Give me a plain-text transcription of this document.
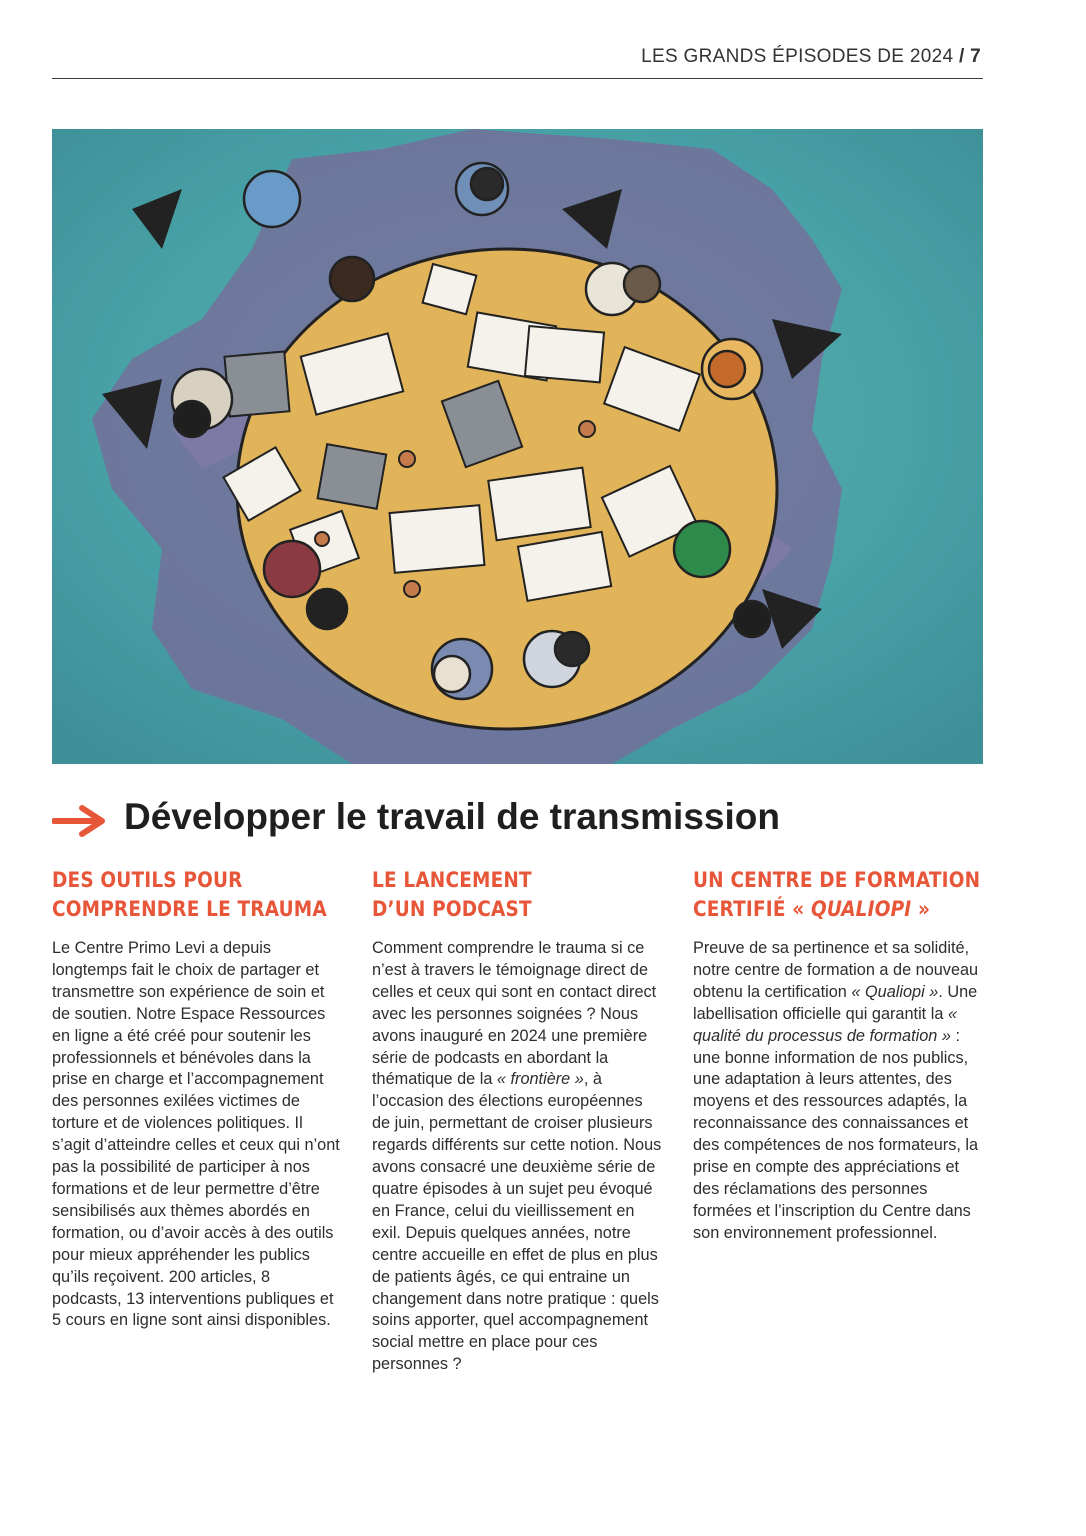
LES GRANDS ÉPISODES DE 2024 / 7
Développer le travail de transmission
DES OUTILS POUR
COMPRENDRE LE TRAUMA

Le Centre Primo Levi a depuis longtemps fait le choix de partager et transmettre son expérience de soin et de soutien. Notre Espace Ressources en ligne a été créé pour soutenir les professionnels et bénévoles dans la prise en charge et l’accompagnement des personnes exilées victimes de torture et de violences politiques. Il s’agit d’atteindre celles et ceux qui n’ont pas la possibilité de participer à nos formations et de leur permettre d’être sensibilisés aux thèmes abordés en formation, ou d’avoir accès à des outils pour mieux appréhender les publics qu’ils reçoivent. 200 articles, 8 podcasts, 13 interventions publiques et 5 cours en ligne sont ainsi disponibles.

LE LANCEMENT
D’UN PODCAST

Comment comprendre le trauma si ce n’est à travers le témoignage direct de celles et ceux qui sont en contact direct avec les personnes soignées ? Nous avons inauguré en 2024 une première série de podcasts en abordant la thématique de la « frontière », à l’occasion des élections européennes de juin, permettant de croiser plusieurs regards différents sur cette notion. Nous avons consacré une deuxième série de quatre épisodes à un sujet peu évoqué en France, celui du vieillissement en exil. Depuis quelques années, notre centre accueille en effet de plus en plus de patients âgés, ce qui entraine un changement dans notre pratique : quels soins apporter, quel accompagnement social mettre en place pour ces personnes ?

UN CENTRE DE FORMATION
CERTIFIÉ « QUALIOPI »

Preuve de sa pertinence et sa solidité, notre centre de formation a de nouveau obtenu la certification « Qualiopi ». Une labellisation officielle qui garantit la « qualité du processus de formation » : une bonne information de nos publics, une adaptation à leurs attentes, des moyens et des ressources adaptés, la reconnaissance des connaissances et des compétences de nos formateurs, la prise en compte des appréciations et des réclamations des personnes formées et l’inscription du Centre dans son environnement professionnel.
